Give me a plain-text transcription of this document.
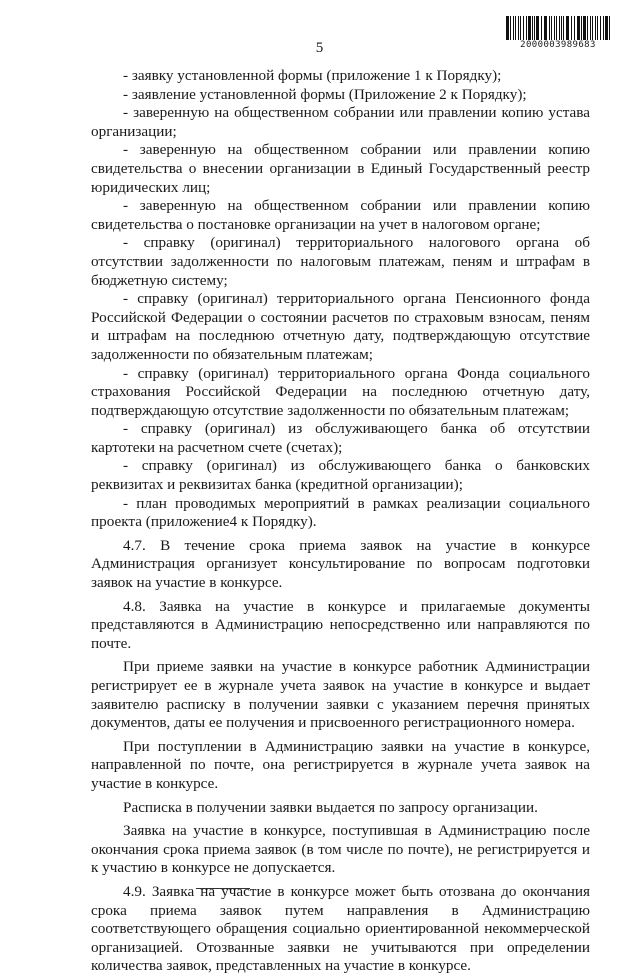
2000003989683
5

- заявку установленной формы (приложение 1 к Порядку);

- заявление установленной формы (Приложение 2 к Порядку);

- заверенную на общественном собрании или правлении копию устава организации;

- заверенную на общественном собрании или правлении копию свидетельства о внесении организации в Единый Государственный реестр юридических лиц;

- заверенную на общественном собрании или правлении копию свидетельства о постановке организации на учет в налоговом органе;

- справку (оригинал) территориального налогового органа об отсутствии задолженности по налоговым платежам, пеням и штрафам в бюджетную систему;

- справку (оригинал) территориального органа Пенсионного фонда Российской Федерации о состоянии расчетов по страховым взносам, пеням и штрафам на последнюю отчетную дату, подтверждающую отсутствие задолженности по обязательным платежам;

- справку (оригинал) территориального органа Фонда социального страхования Российской Федерации на последнюю отчетную дату, подтверждающую отсутствие задолженности по обязательным платежам;

- справку (оригинал) из обслуживающего банка об отсутствии картотеки на расчетном счете (счетах);

- справку (оригинал) из обслуживающего банка о банковских реквизитах и реквизитах банка (кредитной организации);

- план проводимых мероприятий в рамках реализации социального проекта (приложение4 к Порядку).

4.7. В течение срока приема заявок на участие в конкурсе Администрация организует консультирование по вопросам подготовки заявок на участие в конкурсе.

4.8. Заявка на участие в конкурсе и прилагаемые документы представляются в Администрацию непосредственно или направляются по почте.

При приеме заявки на участие в конкурсе работник Администрации регистрирует ее в журнале учета заявок на участие в конкурсе и выдает заявителю расписку в получении заявки с указанием перечня принятых документов, даты ее получения и присвоенного регистрационного номера.

При поступлении в Администрацию заявки на участие в конкурсе, направленной по почте, она регистрируется в журнале учета заявок на участие в конкурсе.

Расписка в получении заявки выдается по запросу организации.

Заявка на участие в конкурсе, поступившая в Администрацию после окончания срока приема заявок (в том числе по почте), не регистрируется и к участию в конкурсе не допускается.

4.9. Заявка на участие в конкурсе может быть отозвана до окончания срока приема заявок путем направления в Администрацию соответствующего обращения социально ориентированной некоммерческой организацией. Отозванные заявки не учитываются при определении количества заявок, представленных на участие в конкурсе.
